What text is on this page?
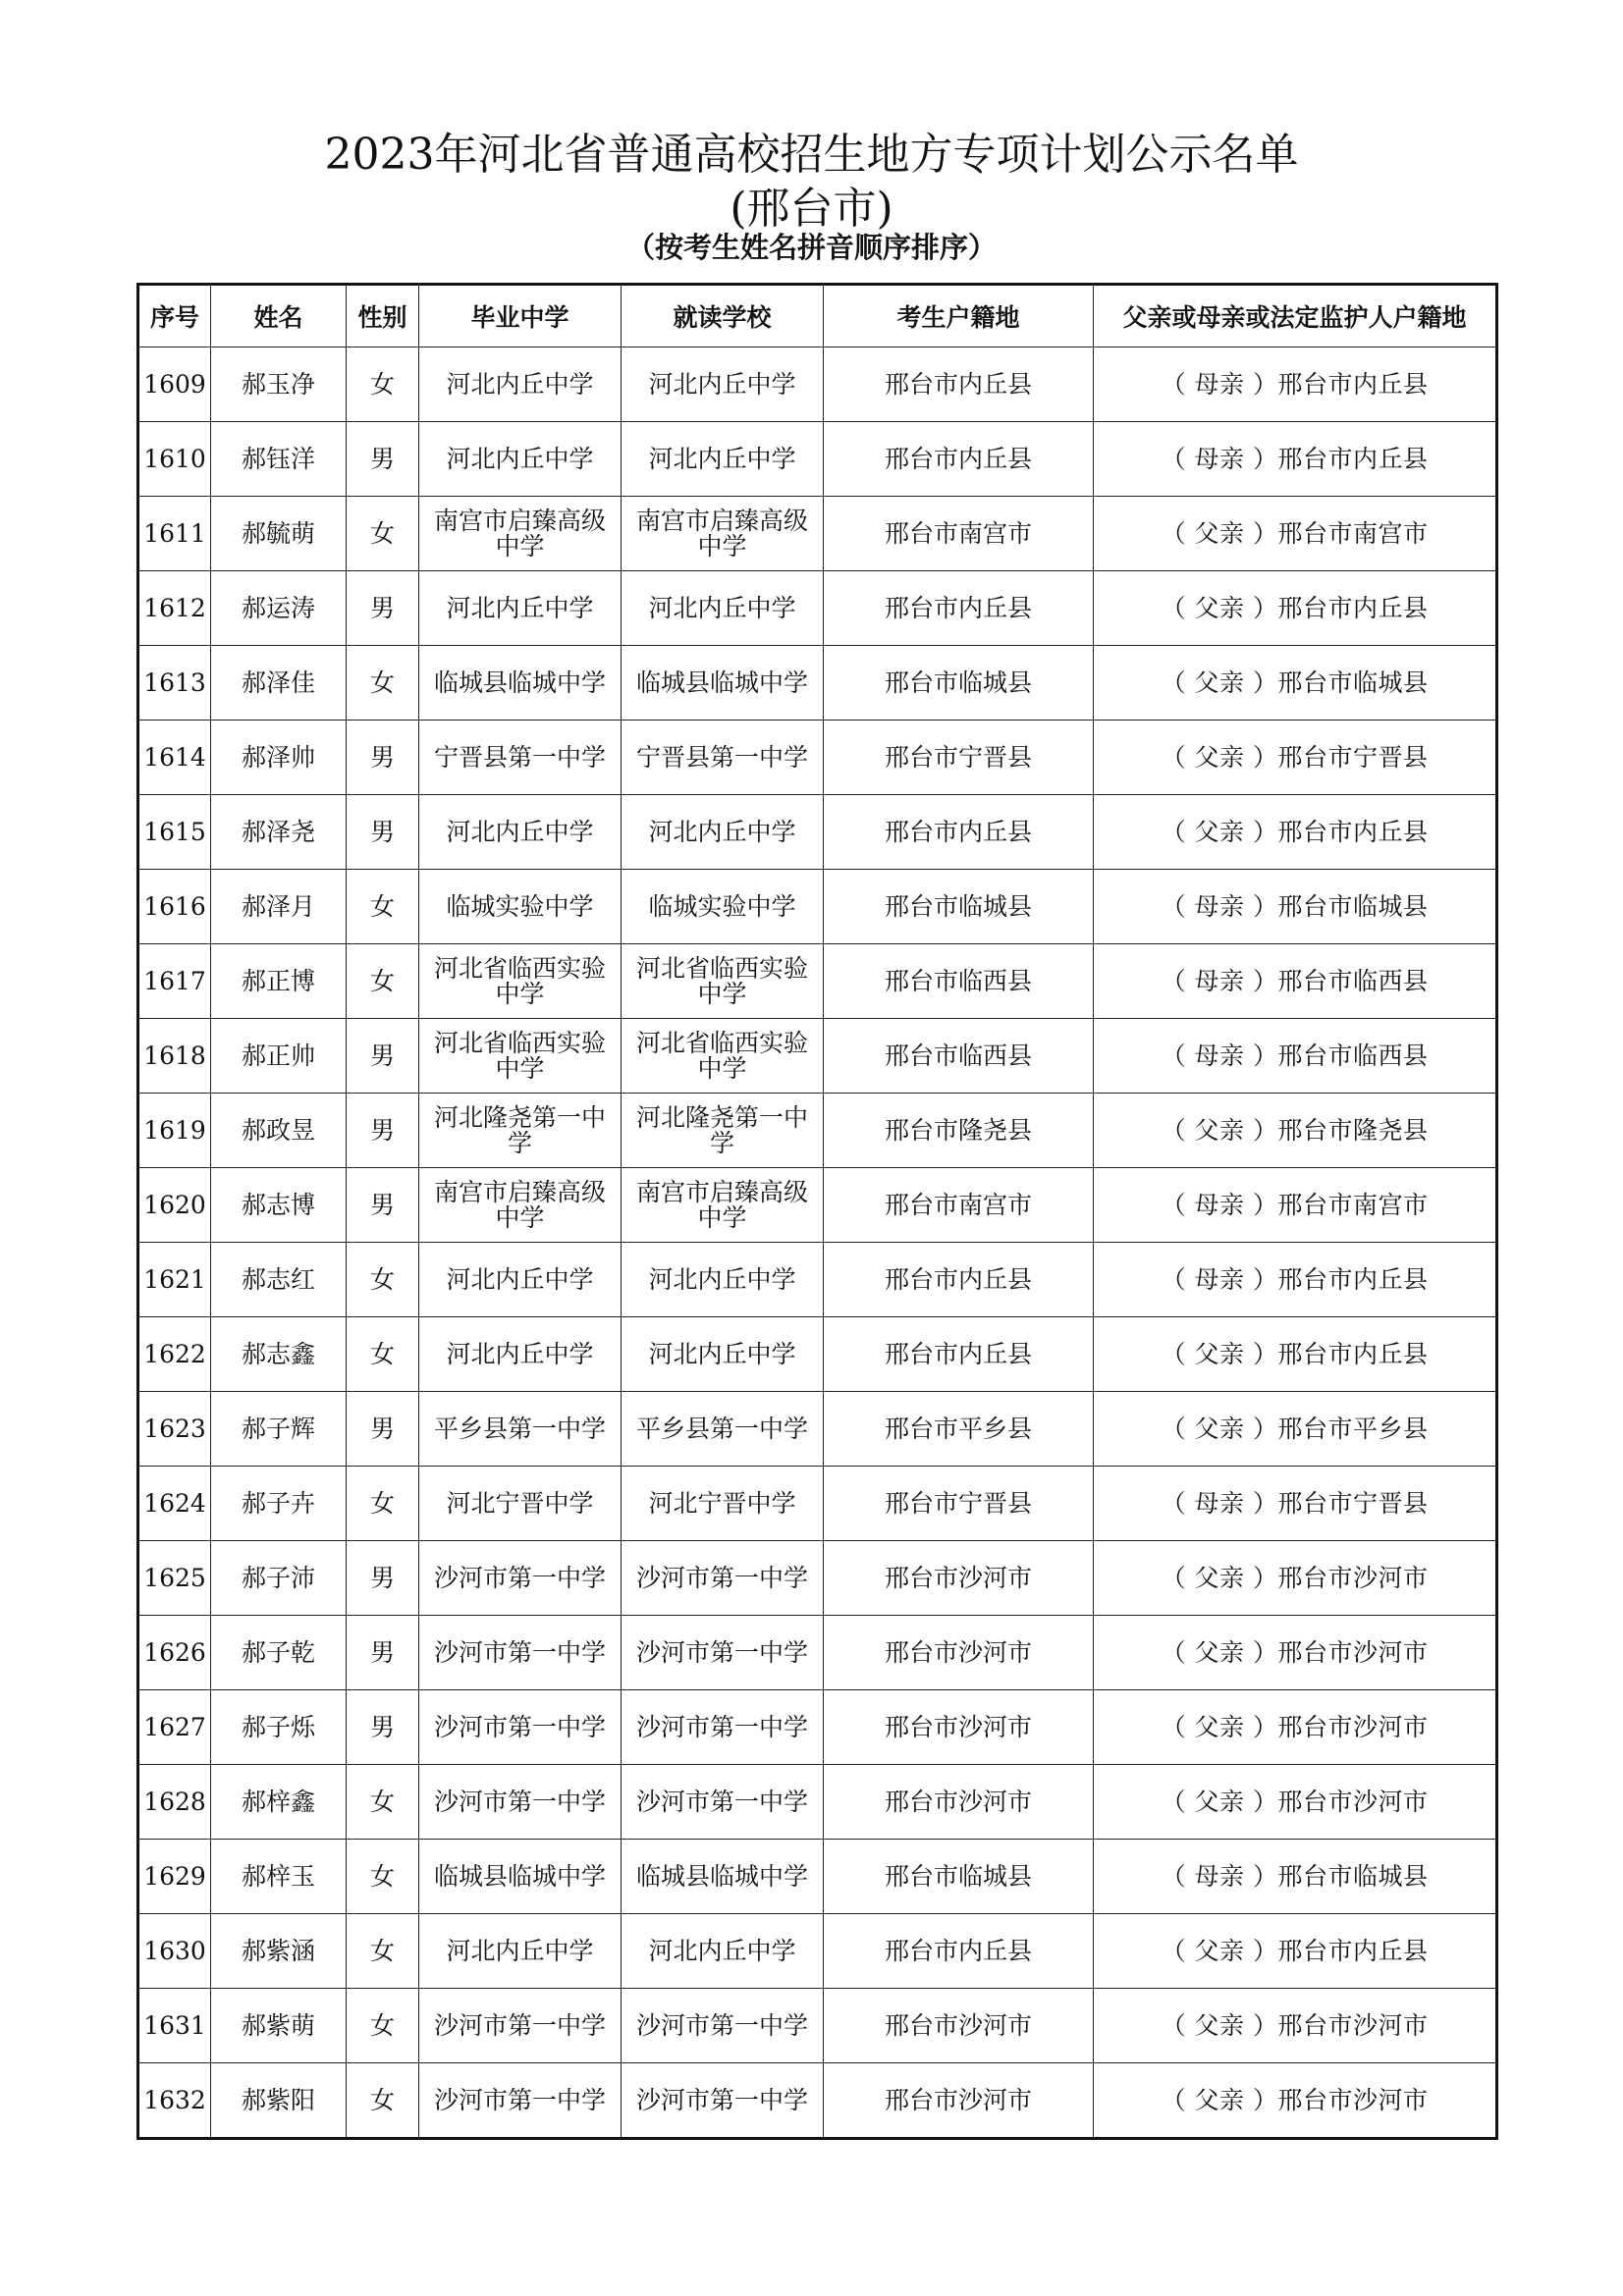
2023年河北省普通高校招生地方专项计划公示名单
(邢台市)
（按考生姓名拼音顺序排序）
序号	姓名	性别	毕业中学	就读学校	考生户籍地	父亲或母亲或法定监护人户籍地
1609	郝玉净	女	河北内丘中学	河北内丘中学	邢台市内丘县	（ 母亲 ）邢台市内丘县
1610	郝钰洋	男	河北内丘中学	河北内丘中学	邢台市内丘县	（ 母亲 ）邢台市内丘县
1611	郝毓萌	女	南宫市启臻高级中学	南宫市启臻高级中学	邢台市南宫市	（ 父亲 ）邢台市南宫市
1612	郝运涛	男	河北内丘中学	河北内丘中学	邢台市内丘县	（ 父亲 ）邢台市内丘县
1613	郝泽佳	女	临城县临城中学	临城县临城中学	邢台市临城县	（ 父亲 ）邢台市临城县
1614	郝泽帅	男	宁晋县第一中学	宁晋县第一中学	邢台市宁晋县	（ 父亲 ）邢台市宁晋县
1615	郝泽尧	男	河北内丘中学	河北内丘中学	邢台市内丘县	（ 父亲 ）邢台市内丘县
1616	郝泽月	女	临城实验中学	临城实验中学	邢台市临城县	（ 母亲 ）邢台市临城县
1617	郝正博	女	河北省临西实验中学	河北省临西实验中学	邢台市临西县	（ 母亲 ）邢台市临西县
1618	郝正帅	男	河北省临西实验中学	河北省临西实验中学	邢台市临西县	（ 母亲 ）邢台市临西县
1619	郝政昱	男	河北隆尧第一中学	河北隆尧第一中学	邢台市隆尧县	（ 父亲 ）邢台市隆尧县
1620	郝志博	男	南宫市启臻高级中学	南宫市启臻高级中学	邢台市南宫市	（ 母亲 ）邢台市南宫市
1621	郝志红	女	河北内丘中学	河北内丘中学	邢台市内丘县	（ 母亲 ）邢台市内丘县
1622	郝志鑫	女	河北内丘中学	河北内丘中学	邢台市内丘县	（ 父亲 ）邢台市内丘县
1623	郝子辉	男	平乡县第一中学	平乡县第一中学	邢台市平乡县	（ 父亲 ）邢台市平乡县
1624	郝子卉	女	河北宁晋中学	河北宁晋中学	邢台市宁晋县	（ 母亲 ）邢台市宁晋县
1625	郝子沛	男	沙河市第一中学	沙河市第一中学	邢台市沙河市	（ 父亲 ）邢台市沙河市
1626	郝子乾	男	沙河市第一中学	沙河市第一中学	邢台市沙河市	（ 父亲 ）邢台市沙河市
1627	郝子烁	男	沙河市第一中学	沙河市第一中学	邢台市沙河市	（ 父亲 ）邢台市沙河市
1628	郝梓鑫	女	沙河市第一中学	沙河市第一中学	邢台市沙河市	（ 父亲 ）邢台市沙河市
1629	郝梓玉	女	临城县临城中学	临城县临城中学	邢台市临城县	（ 母亲 ）邢台市临城县
1630	郝紫涵	女	河北内丘中学	河北内丘中学	邢台市内丘县	（ 父亲 ）邢台市内丘县
1631	郝紫萌	女	沙河市第一中学	沙河市第一中学	邢台市沙河市	（ 父亲 ）邢台市沙河市
1632	郝紫阳	女	沙河市第一中学	沙河市第一中学	邢台市沙河市	（ 父亲 ）邢台市沙河市
